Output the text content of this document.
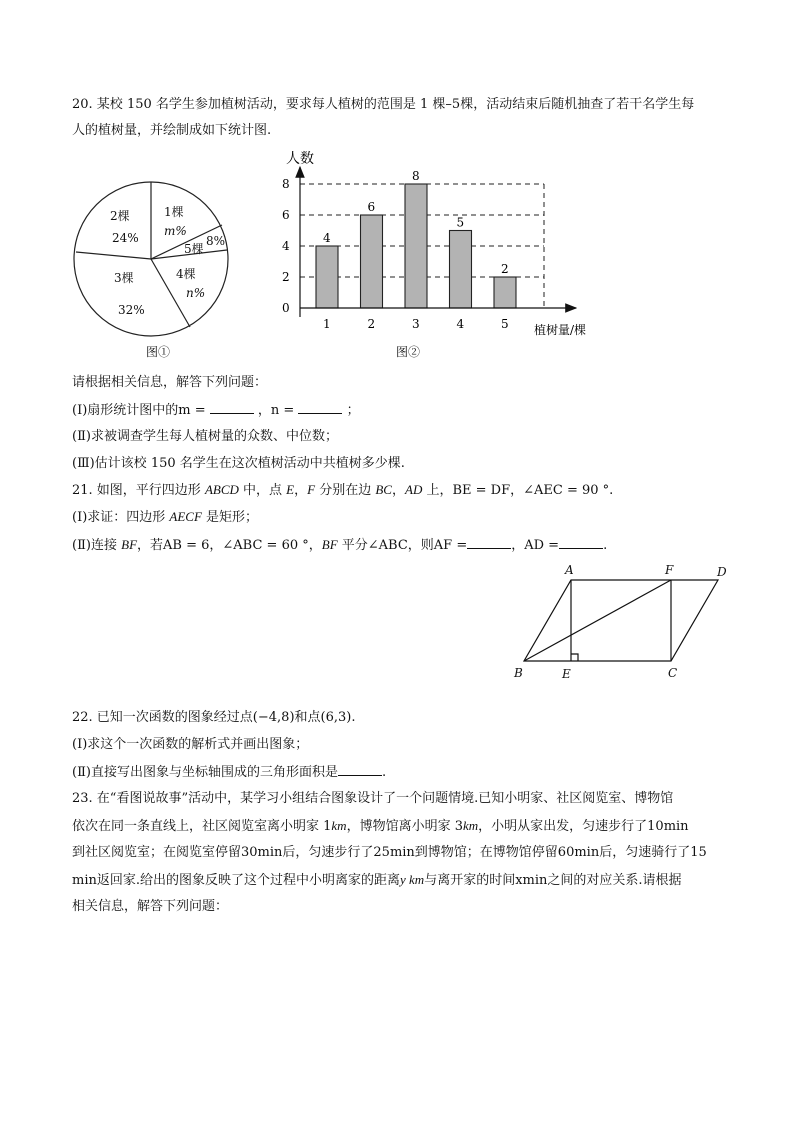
20. 某校 150 名学生参加植树活动，要求每人植树的范围是 1 棵–5棵，活动结束后随机抽查了若干名学生每
人的植树量，并绘制成如下统计图.
2棵
24%
1棵
m%
8%
5棵
4棵
n%
3棵
32%
图①
人数
植树量/棵
0
2
4
6
8
1	2	3	4	5
4
6
8
5
2
图②
请根据相关信息，解答下列问题：
(Ⅰ)扇形统计图中的m =	，n =	；
(Ⅱ)求被调查学生每人植树量的众数、中位数；
(Ⅲ)估计该校 150 名学生在这次植树活动中共植树多少棵.
21. 如图，平行四边形 ABCD 中，点 E，F 分别在边 BC，AD 上，BE = DF，∠AEC = 90 °.
(Ⅰ)求证：四边形 AECF 是矩形；
(Ⅱ)连接 BF，若AB = 6，∠ABC = 60 °，BF 平分∠ABC，则AF =	，AD =	.
A	F	D
B	E	C
22. 已知一次函数的图象经过点(−4,8)和点(6,3).
(Ⅰ)求这个一次函数的解析式并画出图象；
(Ⅱ)直接写出图象与坐标轴围成的三角形面积是	.
23. 在“看图说故事”活动中，某学习小组结合图象设计了一个问题情境.已知小明家、社区阅览室、博物馆
依次在同一条直线上，社区阅览室离小明家 1km，博物馆离小明家 3km，小明从家出发，匀速步行了10min
到社区阅览室；在阅览室停留30min后，匀速步行了25min到博物馆；在博物馆停留60min后，匀速骑行了15
min返回家.给出的图象反映了这个过程中小明离家的距离y km与离开家的时间xmin之间的对应关系.请根据
相关信息，解答下列问题：
